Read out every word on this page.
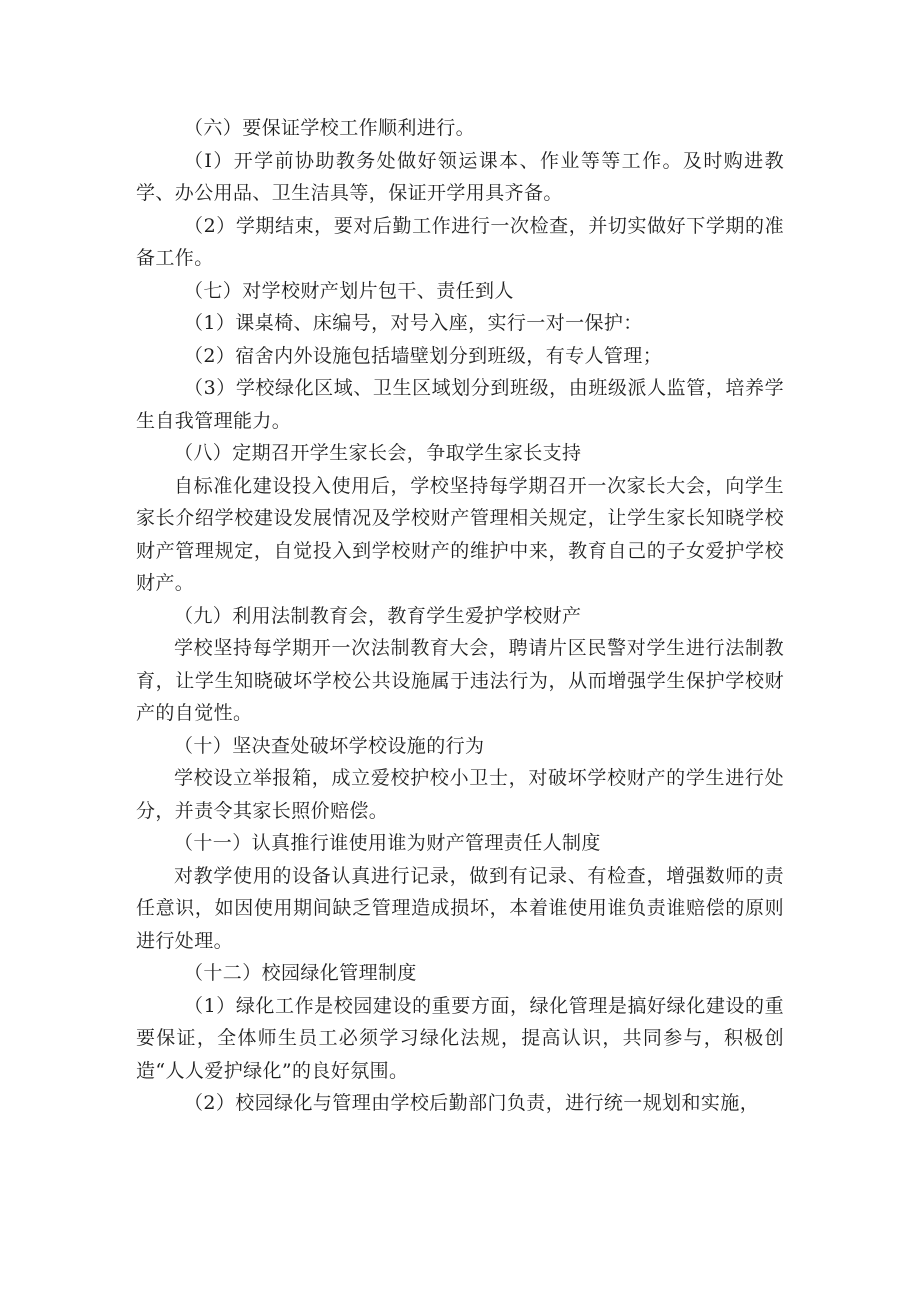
（六）要保证学校工作顺利进行。

（I）开学前协助教务处做好领运课本、作业等等工作。及时购进教学、办公用品、卫生洁具等，保证开学用具齐备。

（2）学期结束，要对后勤工作进行一次检查，并切实做好下学期的准备工作。

（七）对学校财产划片包干、责任到人

（1）课桌椅、床编号，对号入座，实行一对一保护：

（2）宿舍内外设施包括墙壁划分到班级，有专人管理；

（3）学校绿化区域、卫生区域划分到班级，由班级派人监管，培养学生自我管理能力。

（八）定期召开学生家长会，争取学生家长支持

自标准化建设投入使用后，学校坚持每学期召开一次家长大会，向学生家长介绍学校建设发展情况及学校财产管理相关规定，让学生家长知晓学校财产管理规定，自觉投入到学校财产的维护中来，教育自己的子女爱护学校财产。

（九）利用法制教育会，教育学生爱护学校财产

学校坚持每学期开一次法制教育大会，聘请片区民警对学生进行法制教育，让学生知晓破坏学校公共设施属于违法行为，从而增强学生保护学校财产的自觉性。

（十）坚决查处破坏学校设施的行为

学校设立举报箱，成立爱校护校小卫士，对破坏学校财产的学生进行处分，并责令其家长照价赔偿。

（十一）认真推行谁使用谁为财产管理责任人制度

对教学使用的设备认真进行记录，做到有记录、有检查，增强数师的责任意识，如因使用期间缺乏管理造成损坏，本着谁使用谁负责谁赔偿的原则进行处理。

（十二）校园绿化管理制度

（1）绿化工作是校园建设的重要方面，绿化管理是搞好绿化建设的重要保证，全体师生员工必须学习绿化法规，提高认识，共同参与，积极创造“人人爱护绿化”的良好氛围。

（2）校园绿化与管理由学校后勤部门负责，进行统一规划和实施，
